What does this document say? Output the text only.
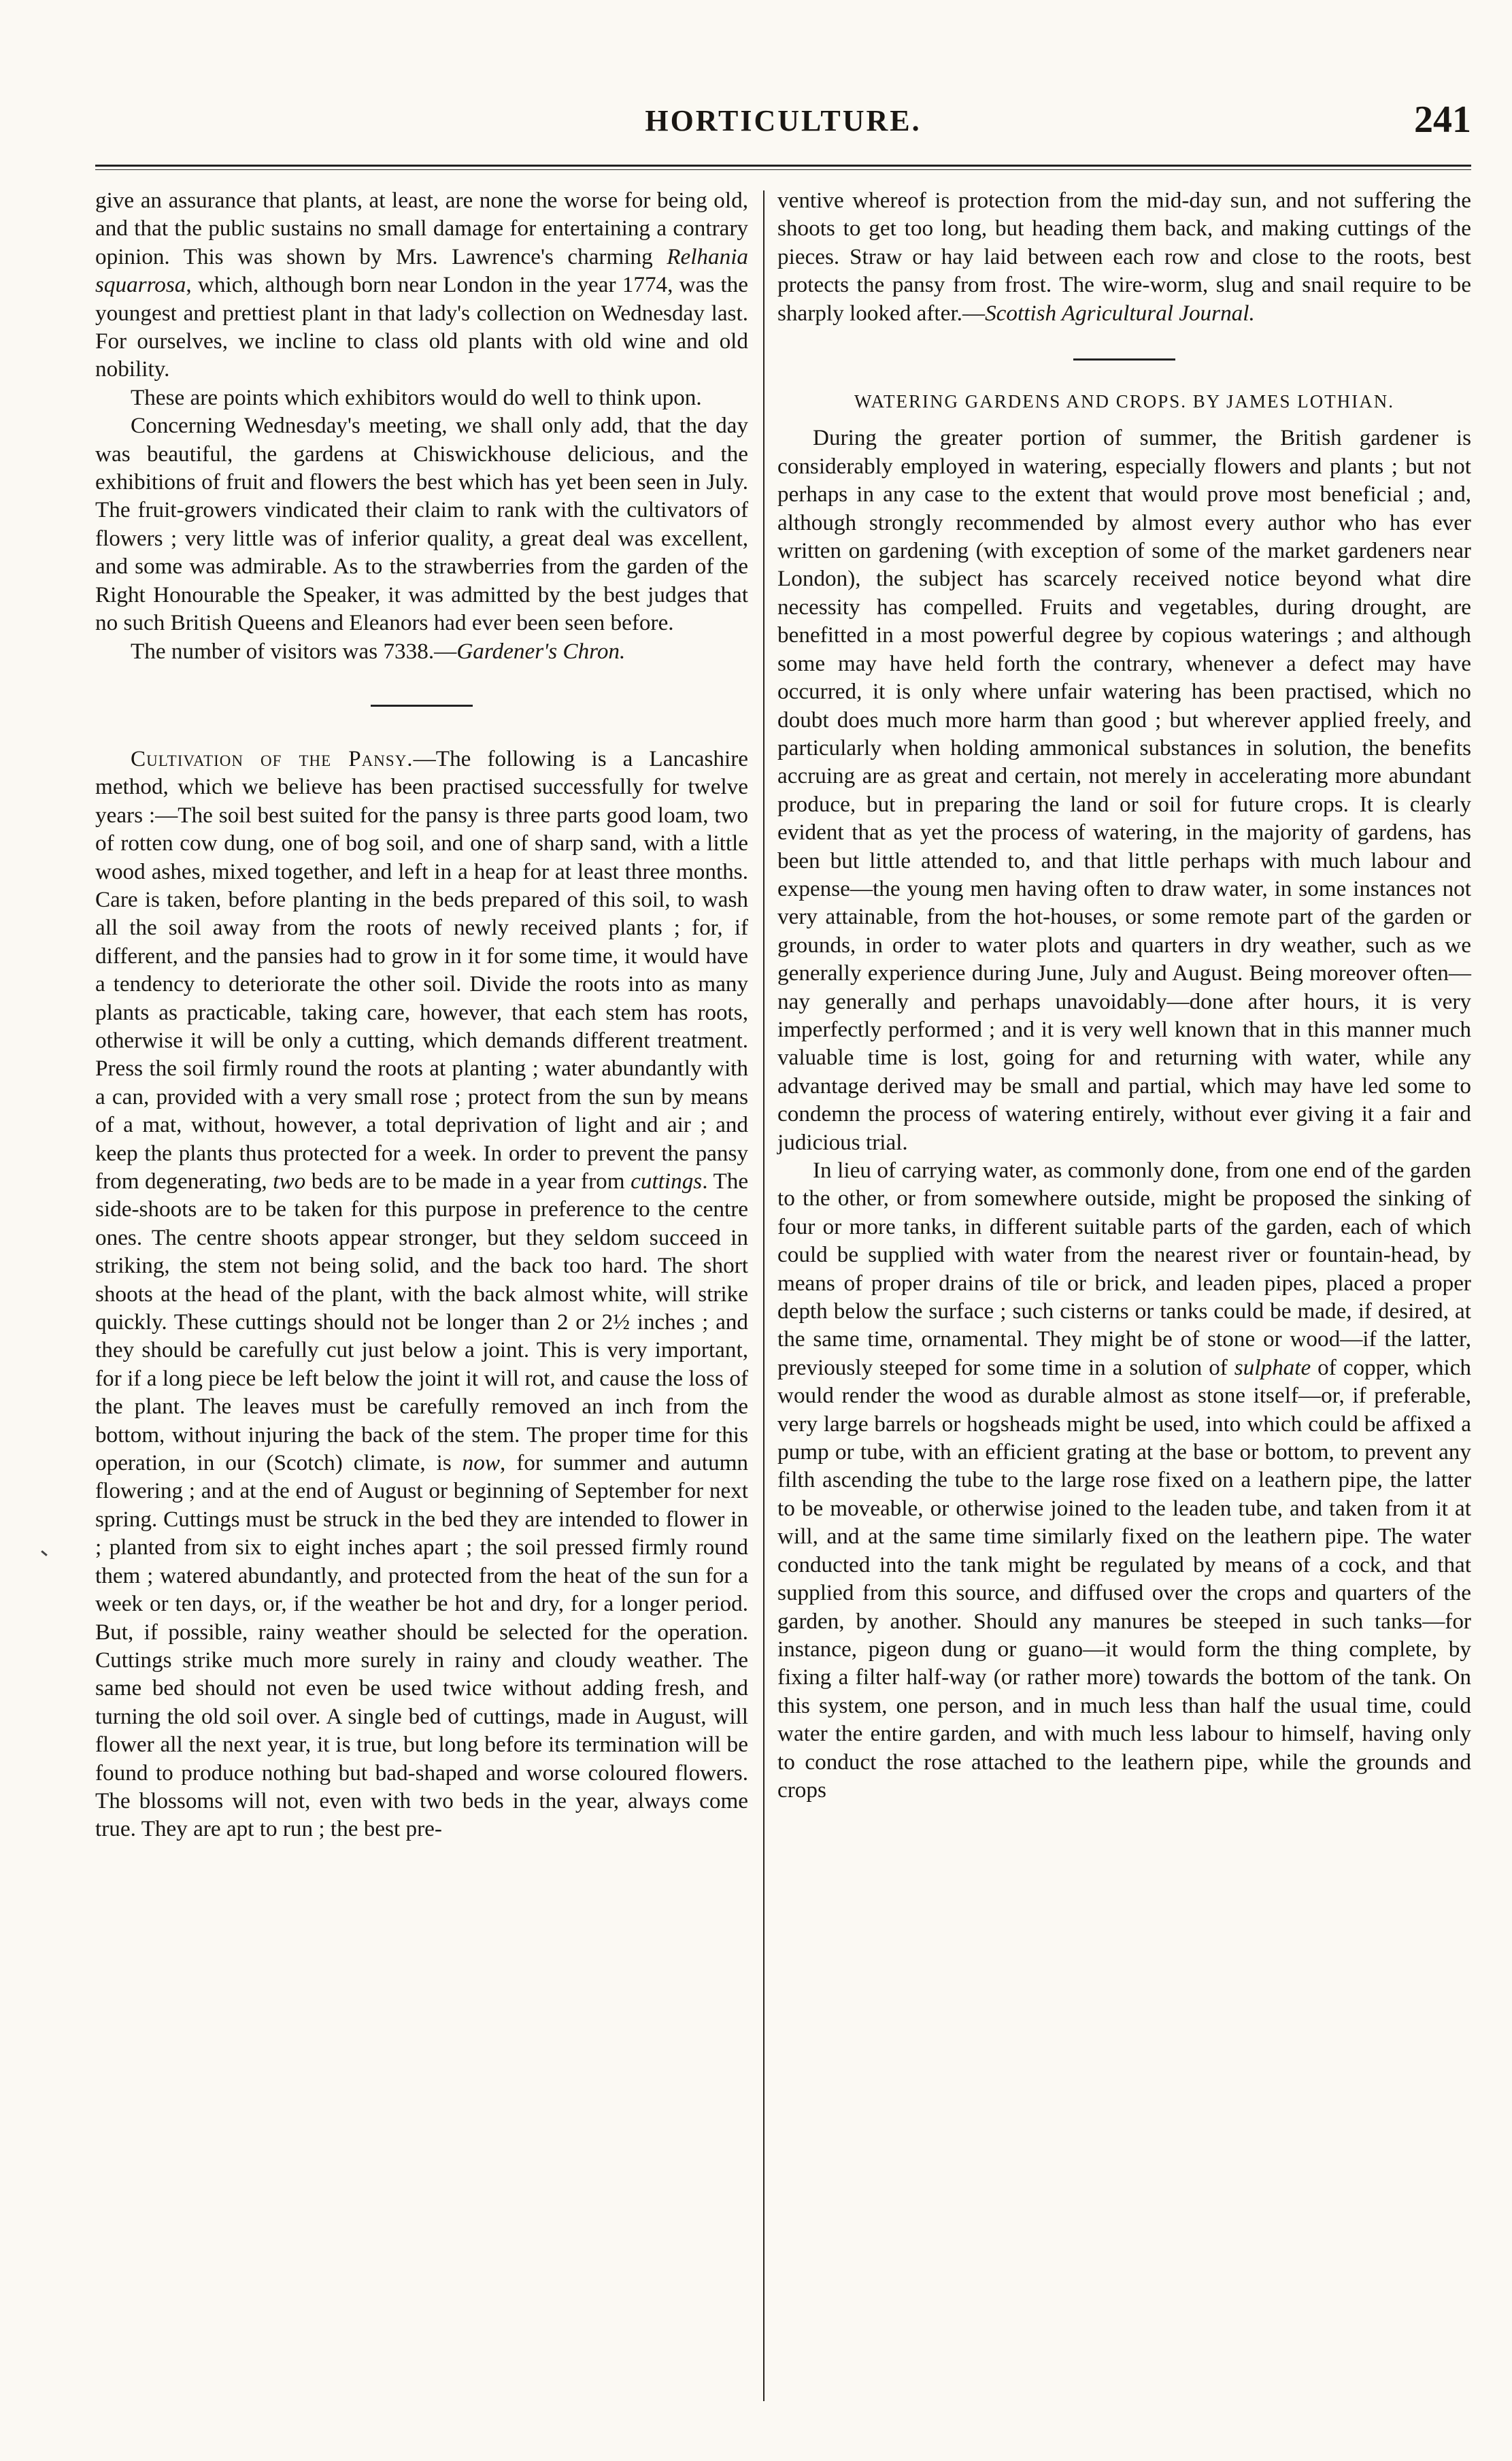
HORTICULTURE.	241

give an assurance that plants, at least, are none the worse for being old, and that the public sustains no small damage for entertaining a contrary opinion. This was shown by Mrs. Lawrence's charming Relhania squarrosa, which, although born near London in the year 1774, was the youngest and prettiest plant in that lady's collection on Wednesday last. For ourselves, we incline to class old plants with old wine and old nobility.

These are points which exhibitors would do well to think upon.

Concerning Wednesday's meeting, we shall only add, that the day was beautiful, the gardens at Chiswickhouse delicious, and the exhibitions of fruit and flowers the best which has yet been seen in July. The fruit-growers vindicated their claim to rank with the cultivators of flowers ; very little was of inferior quality, a great deal was excellent, and some was admirable. As to the strawberries from the garden of the Right Honourable the Speaker, it was admitted by the best judges that no such British Queens and Eleanors had ever been seen before.

The number of visitors was 7338.—Gardener's Chron.

Cultivation of the Pansy.—The following is a Lancashire method, which we believe has been practised successfully for twelve years :—The soil best suited for the pansy is three parts good loam, two of rotten cow dung, one of bog soil, and one of sharp sand, with a little wood ashes, mixed together, and left in a heap for at least three months. Care is taken, before planting in the beds prepared of this soil, to wash all the soil away from the roots of newly received plants ; for, if different, and the pansies had to grow in it for some time, it would have a tendency to deteriorate the other soil. Divide the roots into as many plants as practicable, taking care, however, that each stem has roots, otherwise it will be only a cutting, which demands different treatment. Press the soil firmly round the roots at planting ; water abundantly with a can, provided with a very small rose ; protect from the sun by means of a mat, without, however, a total deprivation of light and air ; and keep the plants thus protected for a week. In order to prevent the pansy from degenerating, two beds are to be made in a year from cuttings. The side-shoots are to be taken for this purpose in preference to the centre ones. The centre shoots appear stronger, but they seldom succeed in striking, the stem not being solid, and the back too hard. The short shoots at the head of the plant, with the back almost white, will strike quickly. These cuttings should not be longer than 2 or 2½ inches ; and they should be carefully cut just below a joint. This is very important, for if a long piece be left below the joint it will rot, and cause the loss of the plant. The leaves must be carefully removed an inch from the bottom, without injuring the back of the stem. The proper time for this operation, in our (Scotch) climate, is now, for summer and autumn flowering ; and at the end of August or beginning of September for next spring. Cuttings must be struck in the bed they are intended to flower in ; planted from six to eight inches apart ; the soil pressed firmly round them ; watered abundantly, and protected from the heat of the sun for a week or ten days, or, if the weather be hot and dry, for a longer period. But, if possible, rainy weather should be selected for the operation. Cuttings strike much more surely in rainy and cloudy weather. The same bed should not even be used twice without adding fresh, and turning the old soil over. A single bed of cuttings, made in August, will flower all the next year, it is true, but long before its termination will be found to produce nothing but bad-shaped and worse coloured flowers. The blossoms will not, even with two beds in the year, always come true. They are apt to run ; the best pre-

ventive whereof is protection from the mid-day sun, and not suffering the shoots to get too long, but heading them back, and making cuttings of the pieces. Straw or hay laid between each row and close to the roots, best protects the pansy from frost. The wire-worm, slug and snail require to be sharply looked after.—Scottish Agricultural Journal.

WATERING GARDENS AND CROPS. BY JAMES LOTHIAN.

During the greater portion of summer, the British gardener is considerably employed in watering, especially flowers and plants ; but not perhaps in any case to the extent that would prove most beneficial ; and, although strongly recommended by almost every author who has ever written on gardening (with exception of some of the market gardeners near London), the subject has scarcely received notice beyond what dire necessity has compelled. Fruits and vegetables, during drought, are benefitted in a most powerful degree by copious waterings ; and although some may have held forth the contrary, whenever a defect may have occurred, it is only where unfair watering has been practised, which no doubt does much more harm than good ; but wherever applied freely, and particularly when holding ammonical substances in solution, the benefits accruing are as great and certain, not merely in accelerating more abundant produce, but in preparing the land or soil for future crops. It is clearly evident that as yet the process of watering, in the majority of gardens, has been but little attended to, and that little perhaps with much labour and expense—the young men having often to draw water, in some instances not very attainable, from the hot-houses, or some remote part of the garden or grounds, in order to water plots and quarters in dry weather, such as we generally experience during June, July and August. Being moreover often—nay generally and perhaps unavoidably—done after hours, it is very imperfectly performed ; and it is very well known that in this manner much valuable time is lost, going for and returning with water, while any advantage derived may be small and partial, which may have led some to condemn the process of watering entirely, without ever giving it a fair and judicious trial.

In lieu of carrying water, as commonly done, from one end of the garden to the other, or from somewhere outside, might be proposed the sinking of four or more tanks, in different suitable parts of the garden, each of which could be supplied with water from the nearest river or fountain-head, by means of proper drains of tile or brick, and leaden pipes, placed a proper depth below the surface ; such cisterns or tanks could be made, if desired, at the same time, ornamental. They might be of stone or wood—if the latter, previously steeped for some time in a solution of sulphate of copper, which would render the wood as durable almost as stone itself—or, if preferable, very large barrels or hogsheads might be used, into which could be affixed a pump or tube, with an efficient grating at the base or bottom, to prevent any filth ascending the tube to the large rose fixed on a leathern pipe, the latter to be moveable, or otherwise joined to the leaden tube, and taken from it at will, and at the same time similarly fixed on the leathern pipe. The water conducted into the tank might be regulated by means of a cock, and that supplied from this source, and diffused over the crops and quarters of the garden, by another. Should any manures be steeped in such tanks—for instance, pigeon dung or guano—it would form the thing complete, by fixing a filter half-way (or rather more) towards the bottom of the tank. On this system, one person, and in much less than half the usual time, could water the entire garden, and with much less labour to himself, having only to conduct the rose attached to the leathern pipe, while the grounds and crops
